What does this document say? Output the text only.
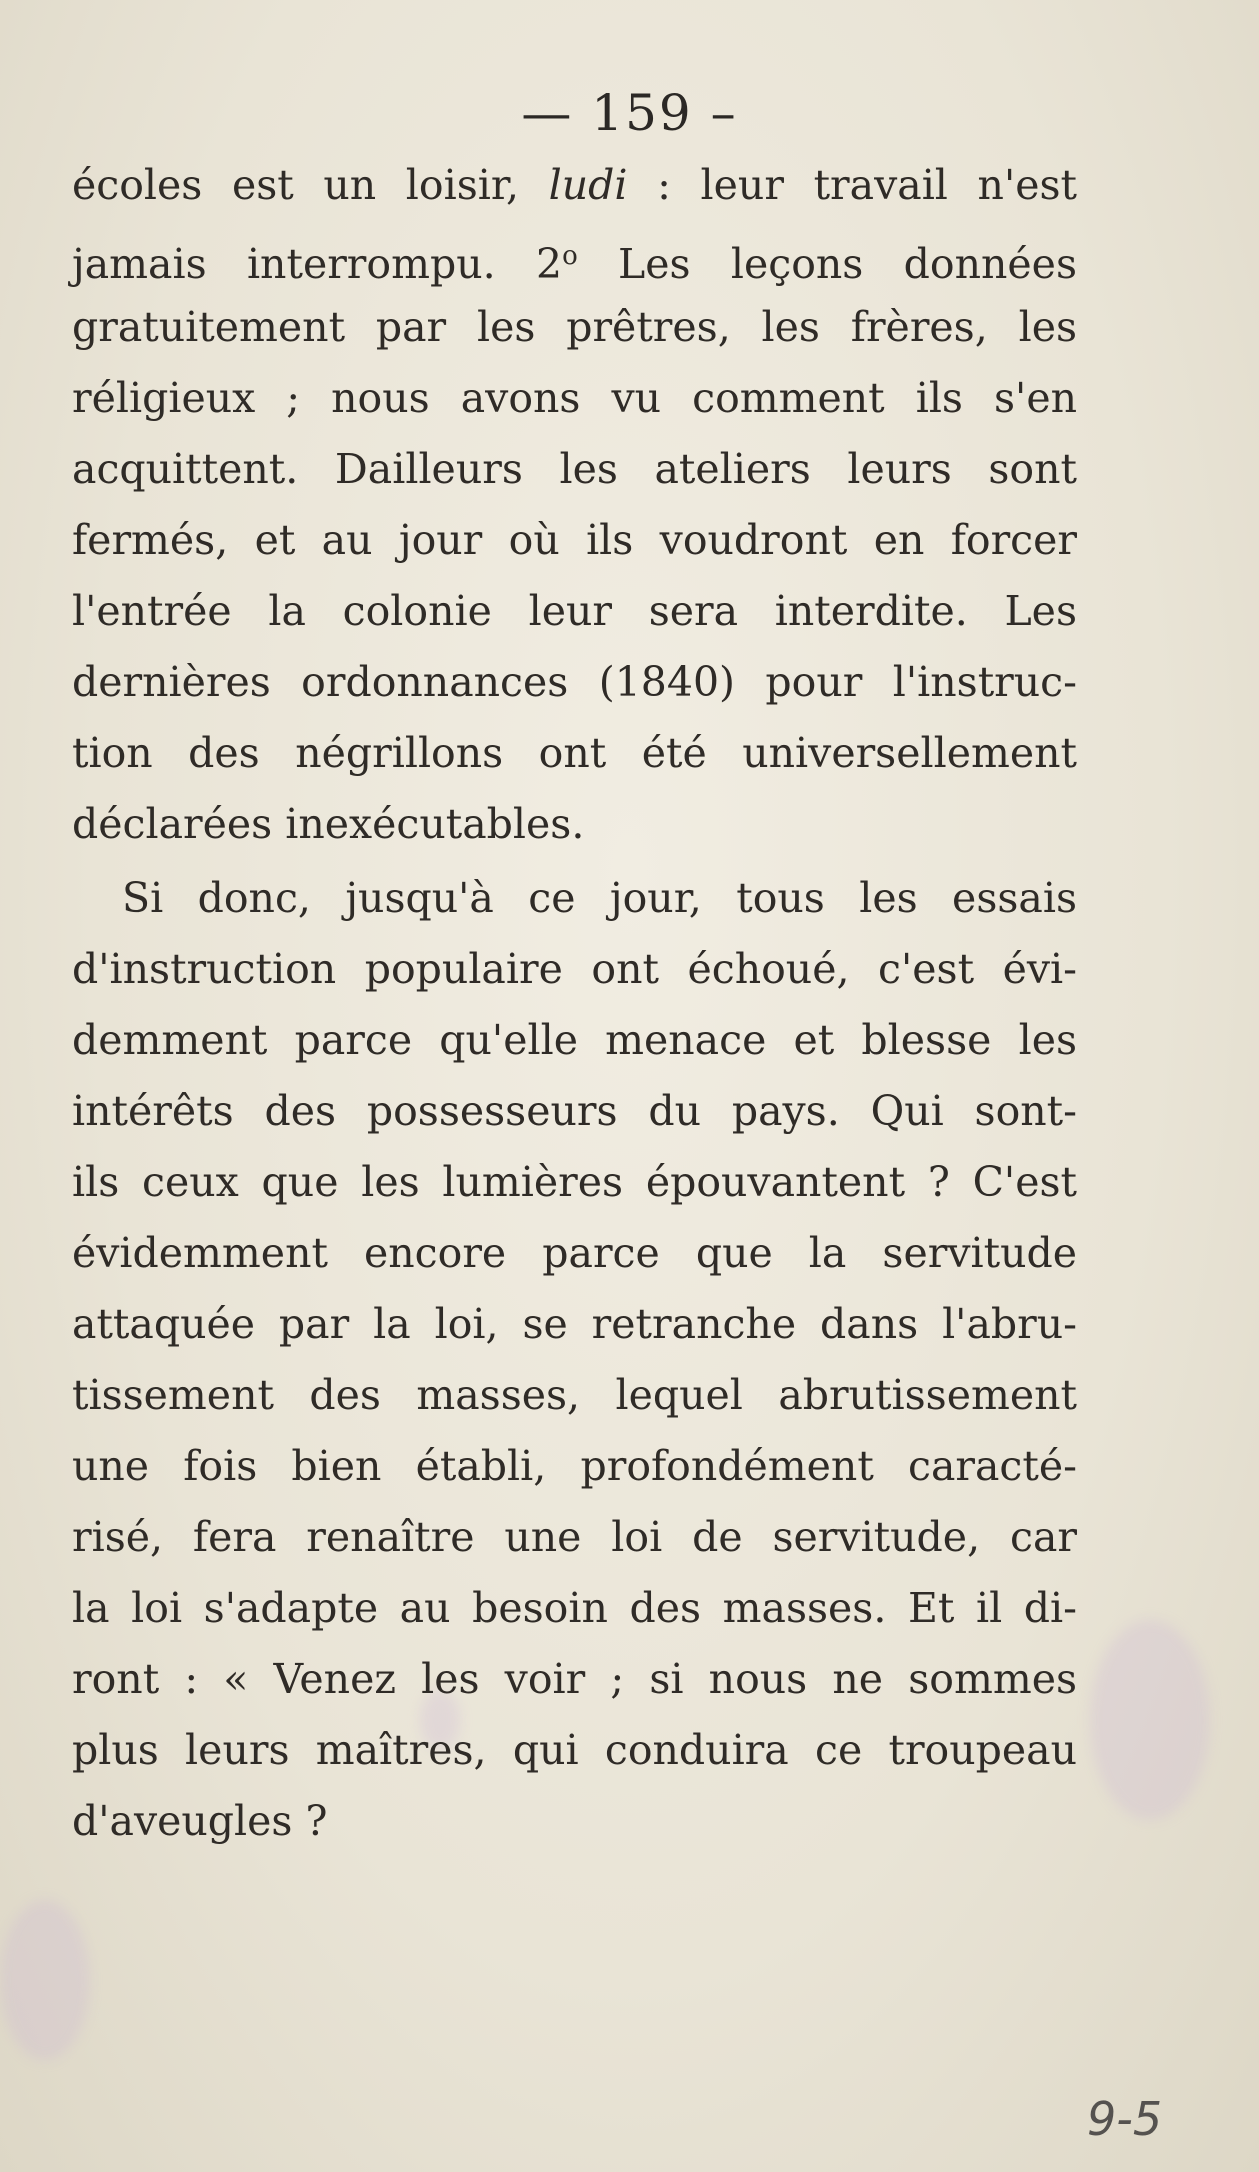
— 159 –
écoles est un loisir, ludi : leur travail n'est
jamais interrompu. 2$^o$ Les leçons données
gratuitement par les prêtres, les frères, les
réligieux ; nous avons vu comment ils s'en
acquittent. Dailleurs les ateliers leurs sont
fermés, et au jour où ils voudront en forcer
l'entrée la colonie leur sera interdite. Les
dernières ordonnances (1840) pour l'instruc-
tion des négrillons ont été universellement
déclarées inexécutables.
Si donc, jusqu'à ce jour, tous les essais
d'instruction populaire ont échoué, c'est évi-
demment parce qu'elle menace et blesse les
intérêts des possesseurs du pays. Qui sont-
ils ceux que les lumières épouvantent ? C'est
évidemment encore parce que la servitude
attaquée par la loi, se retranche dans l'abru-
tissement des masses, lequel abrutissement
une fois bien établi, profondément caracté-
risé, fera renaître une loi de servitude, car
la loi s'adapte au besoin des masses. Et il di-
ront : « Venez les voir ; si nous ne sommes
plus leurs maîtres, qui conduira ce troupeau
d'aveugles ?
9-5
